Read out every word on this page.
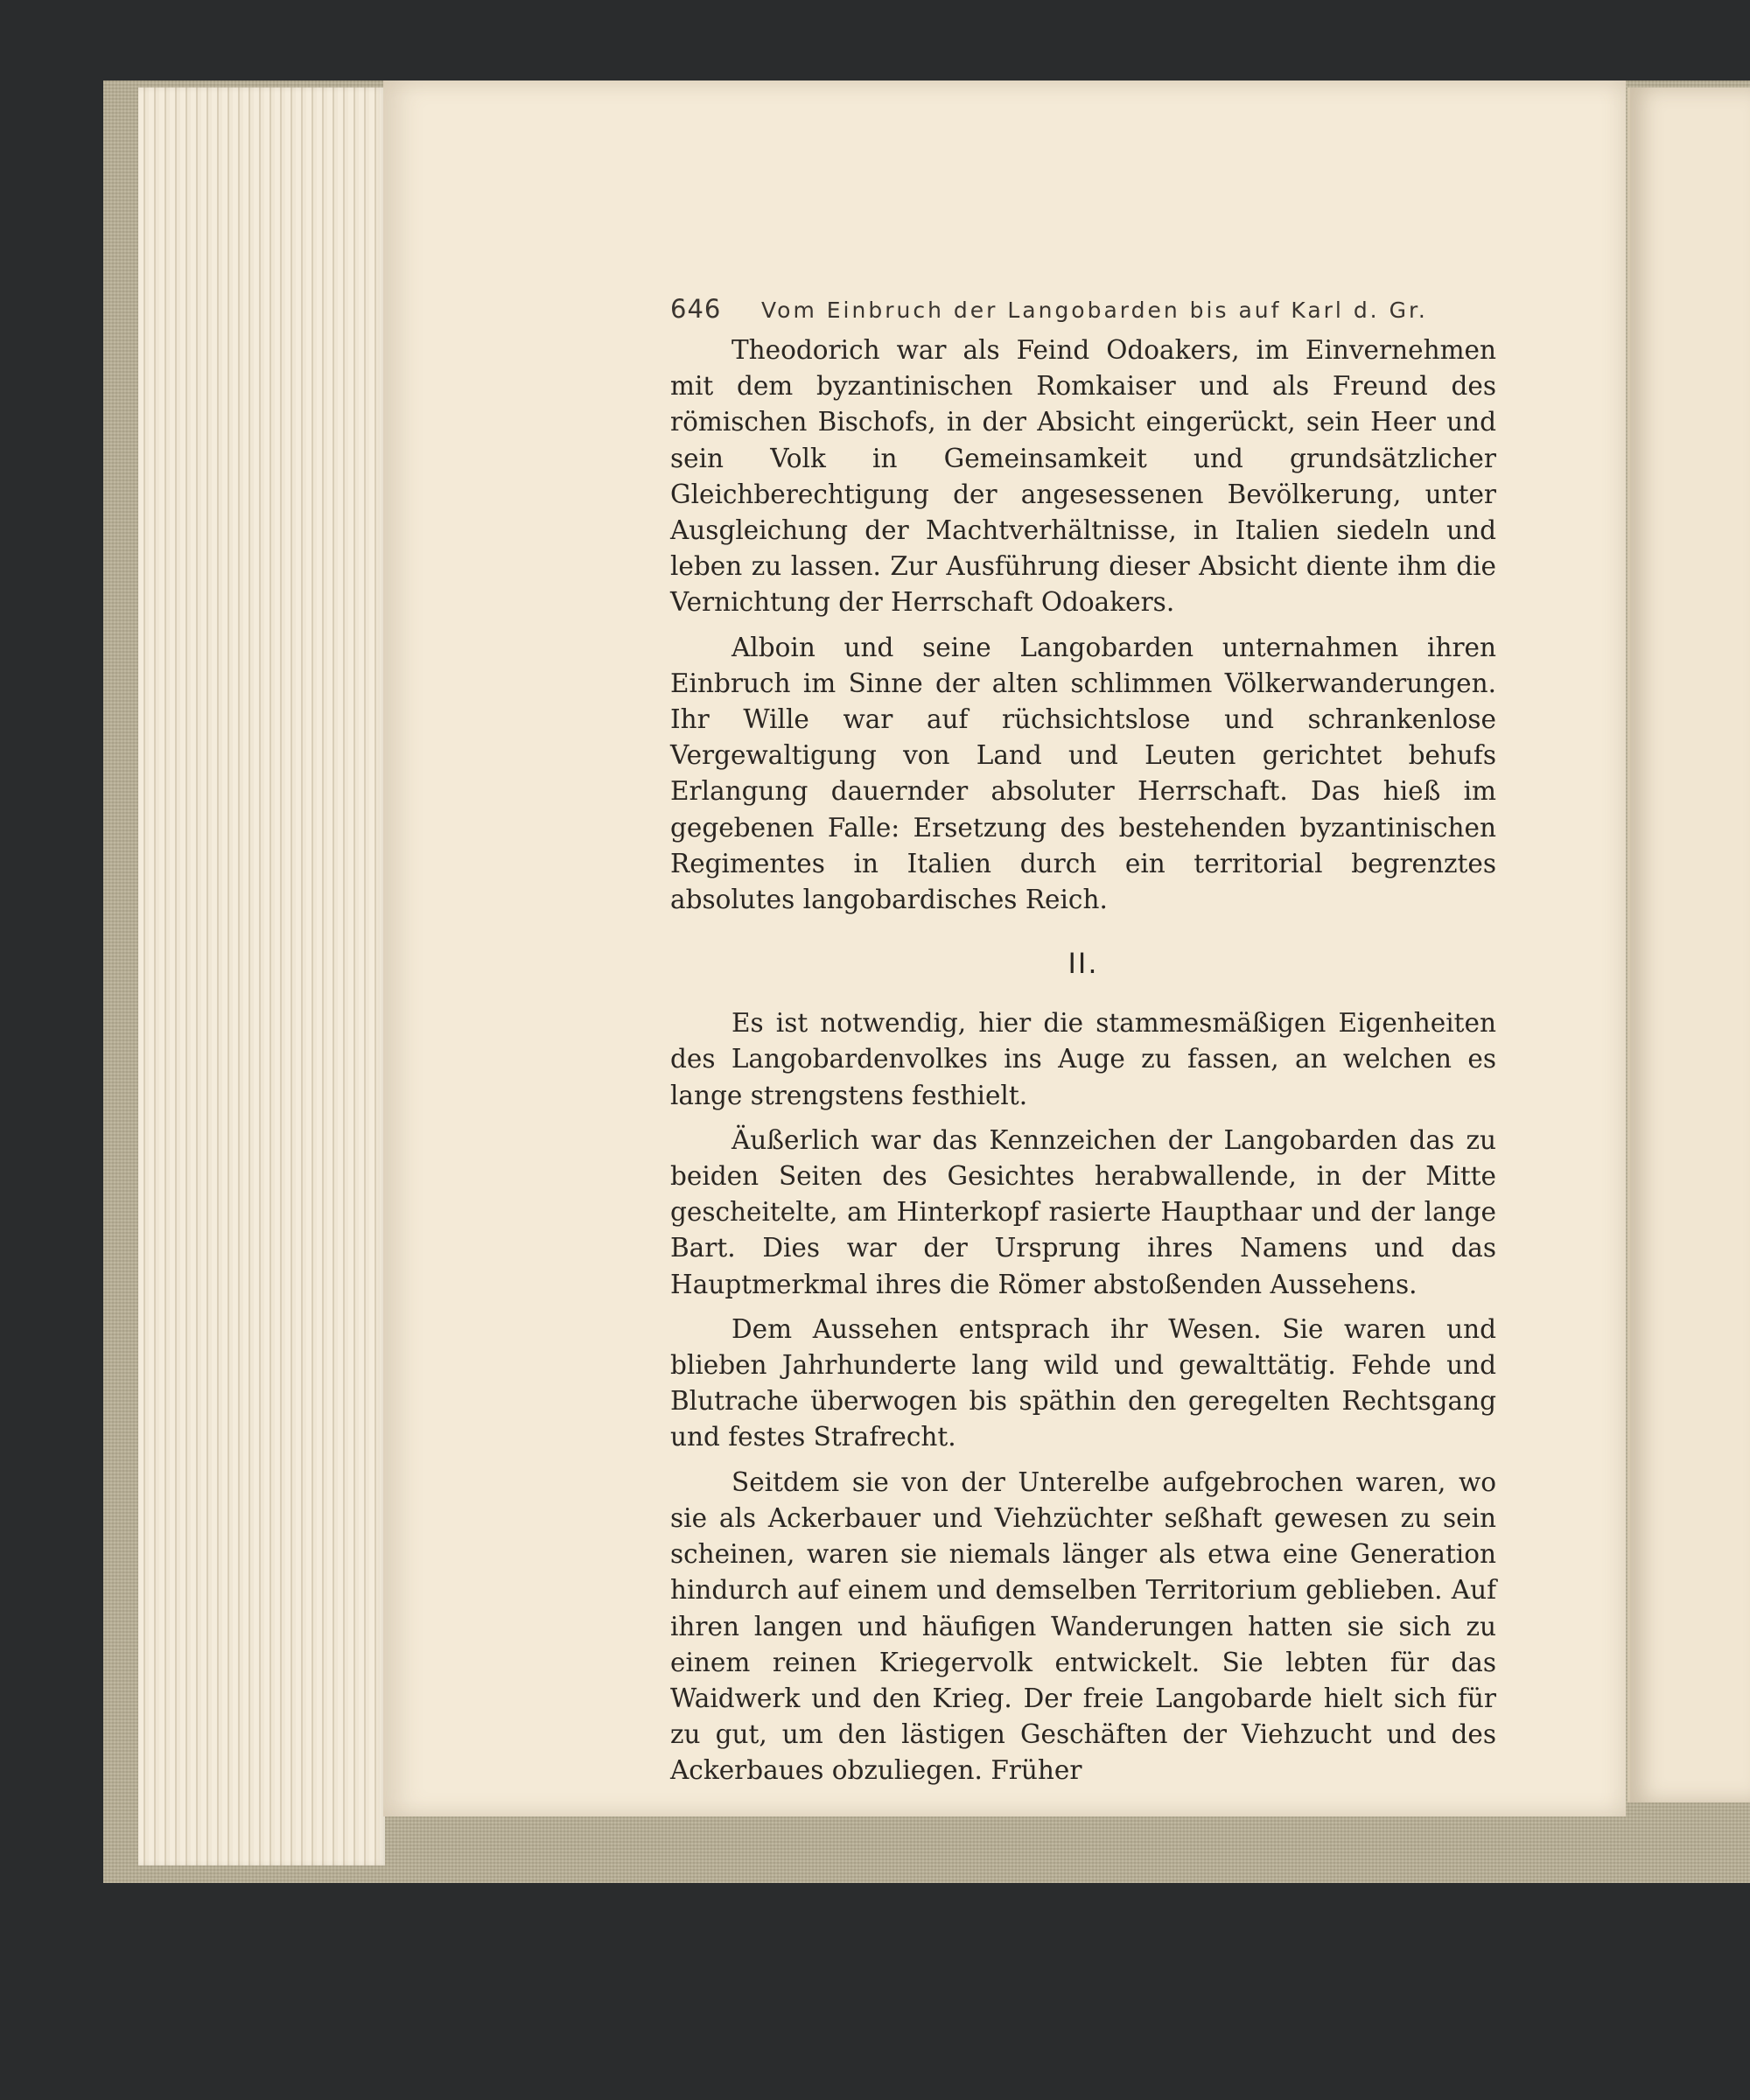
646 Vom Einbruch der Langobarden bis auf Karl d. Gr.

Theodorich war als Feind Odoakers, im Einvernehmen mit dem byzantinischen Romkaiser und als Freund des römischen Bischofs, in der Absicht eingerückt, sein Heer und sein Volk in Gemeinsamkeit und grundsätzlicher Gleichberechtigung der angesessenen Bevölkerung, unter Ausgleichung der Machtverhältnisse, in Italien siedeln und leben zu lassen. Zur Ausführung dieser Absicht diente ihm die Vernichtung der Herrschaft Odoakers.

Alboin und seine Langobarden unternahmen ihren Einbruch im Sinne der alten schlimmen Völkerwanderungen. Ihr Wille war auf rüchsichtslose und schrankenlose Vergewaltigung von Land und Leuten gerichtet behufs Erlangung dauernder absoluter Herrschaft. Das hieß im gegebenen Falle: Ersetzung des bestehenden byzantinischen Regimentes in Italien durch ein territorial begrenztes absolutes langobardisches Reich.

II.

Es ist notwendig, hier die stammesmäßigen Eigenheiten des Langobardenvolkes ins Auge zu fassen, an welchen es lange strengstens festhielt.

Äußerlich war das Kennzeichen der Langobarden das zu beiden Seiten des Gesichtes herabwallende, in der Mitte gescheitelte, am Hinterkopf rasierte Haupthaar und der lange Bart. Dies war der Ursprung ihres Namens und das Hauptmerkmal ihres die Römer abstoßenden Aussehens.

Dem Aussehen entsprach ihr Wesen. Sie waren und blieben Jahrhunderte lang wild und gewalttätig. Fehde und Blutrache überwogen bis späthin den geregelten Rechtsgang und festes Strafrecht.

Seitdem sie von der Unterelbe aufgebrochen waren, wo sie als Ackerbauer und Viehzüchter seßhaft gewesen zu sein scheinen, waren sie niemals länger als etwa eine Generation hindurch auf einem und demselben Territorium geblieben. Auf ihren langen und häufigen Wanderungen hatten sie sich zu einem reinen Kriegervolk entwickelt. Sie lebten für das Waidwerk und den Krieg. Der freie Langobarde hielt sich für zu gut, um den lästigen Geschäften der Viehzucht und des Ackerbaues obzuliegen. Früher
